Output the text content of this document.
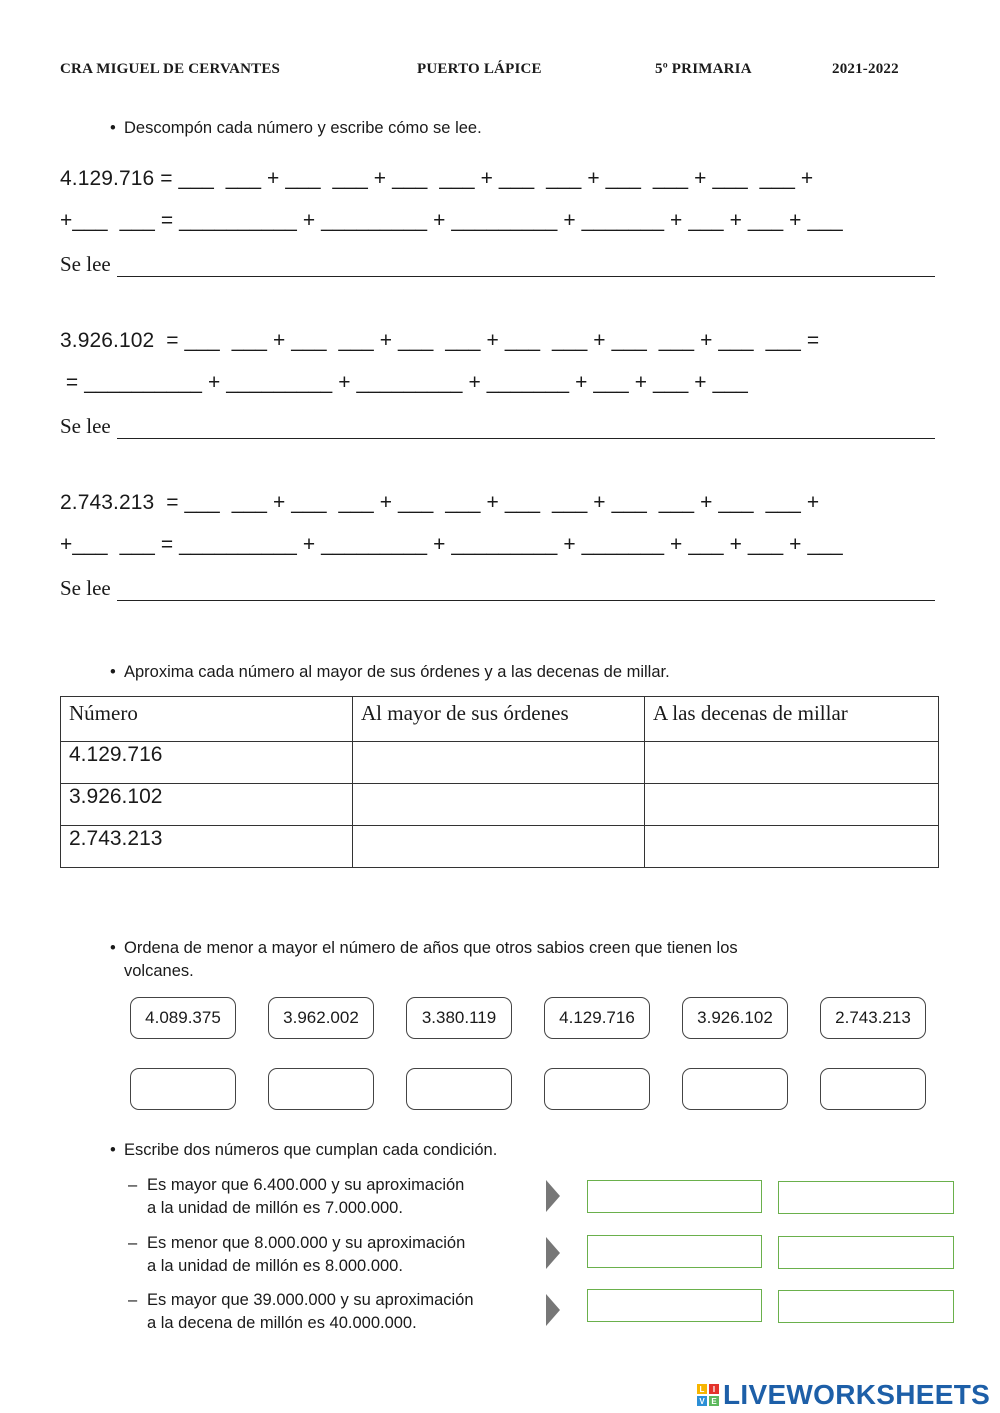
CRA MIGUEL DE CERVANTES	PUERTO LÁPICE	5º PRIMARIA	2021-2022
• Descompón cada número y escribe cómo se lee.
4.129.716 = ___  ___ + ___  ___ + ___  ___ + ___  ___ + ___  ___ + ___  ___ +
+___  ___ = __________ + _________ + _________ + _______ + ___ + ___ + ___
Se lee
3.926.102  = ___  ___ + ___  ___ + ___  ___ + ___  ___ + ___  ___ + ___  ___ =
= __________ + _________ + _________ + _______ + ___ + ___ + ___
Se lee
2.743.213  = ___  ___ + ___  ___ + ___  ___ + ___  ___ + ___  ___ + ___  ___ +
+___  ___ = __________ + _________ + _________ + _______ + ___ + ___ + ___
Se lee
• Aproxima cada número al mayor de sus órdenes y a las decenas de millar.
Número	Al mayor de sus órdenes	A las decenas de millar
4.129.716		
3.926.102		
2.743.213		
• Ordena de menor a mayor el número de años que otros sabios creen que tienen los
volcanes.
4.089.375	3.962.002	3.380.119	4.129.716	3.926.102	2.743.213
• Escribe dos números que cumplan cada condición.
– Es mayor que 6.400.000 y su aproximación
a la unidad de millón es 7.000.000.
– Es menor que 8.000.000 y su aproximación
a la unidad de millón es 8.000.000.
– Es mayor que 39.000.000 y su aproximación
a la decena de millón es 40.000.000.
L	I
V E LIVEWORKSHEETS
